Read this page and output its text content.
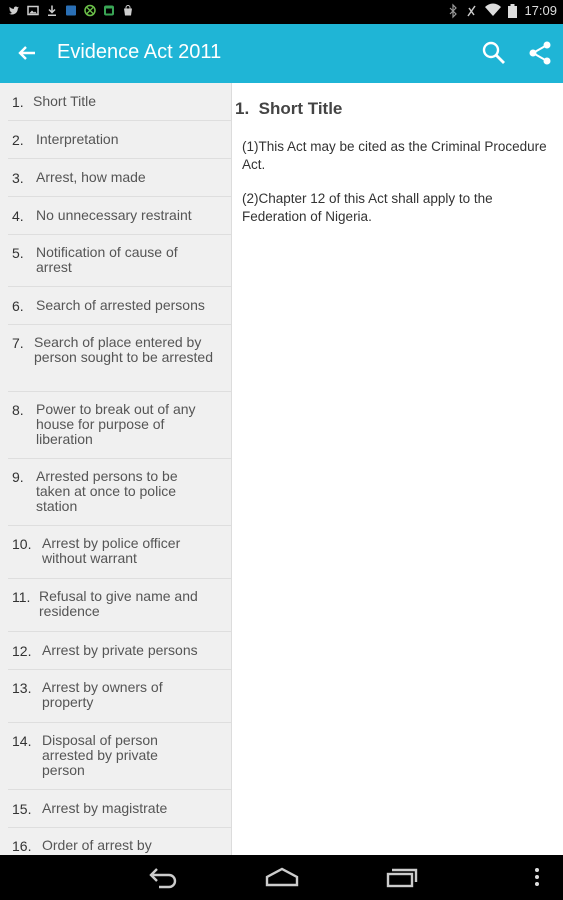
17:09
Evidence Act 2011
1. Short Title
2. Interpretation
3. Arrest, how made
4. No unnecessary restraint
5. Notification of cause of arrest
6. Search of arrested persons
7. Search of place entered by person sought to be arrested
8. Power to break out of any house for purpose of liberation
9. Arrested persons to be taken at once to police station
10. Arrest by police officer without warrant
11. Refusal to give name and residence
12. Arrest by private persons
13. Arrest by owners of property
14. Disposal of person arrested by private person
15. Arrest by magistrate
16. Order of arrest by
1. Short Title
(1)This Act may be cited as the Criminal Procedure Act.
(2)Chapter 12 of this Act shall apply to the Federation of Nigeria.
